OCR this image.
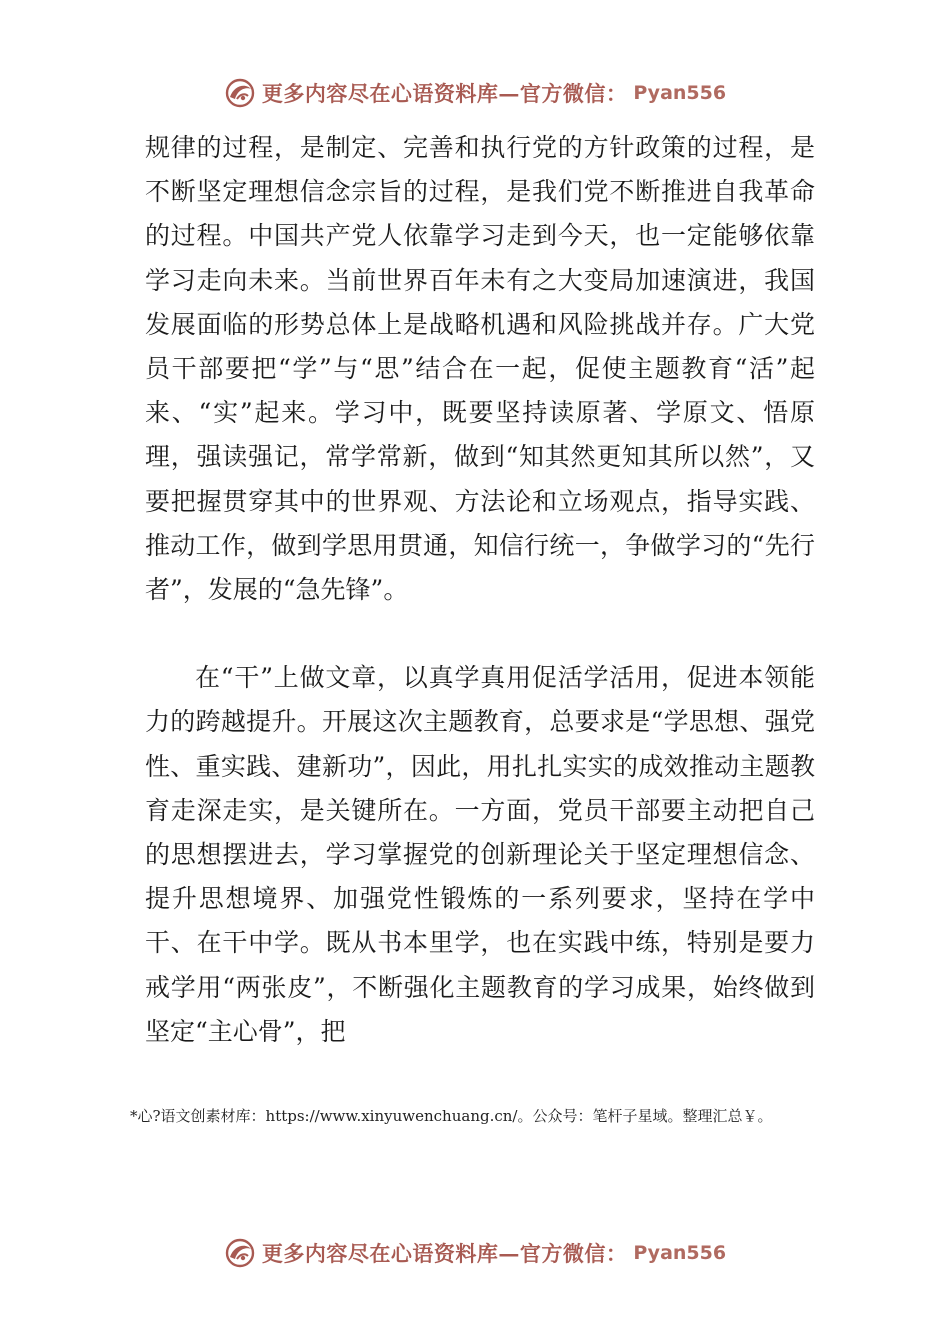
更多内容尽在心语资料库—官方微信： Pyan556

规律的过程，是制定、完善和执行党的方针政策的过程，是不断坚定理想信念宗旨的过程，是我们党不断推进自我革命的过程。中国共产党人依靠学习走到今天，也一定能够依靠学习走向未来。当前世界百年未有之大变局加速演进，我国发展面临的形势总体上是战略机遇和风险挑战并存。广大党员干部要把“学”与“思”结合在一起，促使主题教育“活”起来、“实”起来。学习中，既要坚持读原著、学原文、悟原理，强读强记，常学常新，做到“知其然更知其所以然”，又要把握贯穿其中的世界观、方法论和立场观点，指导实践、推动工作，做到学思用贯通，知信行统一，争做学习的“先行者”，发展的“急先锋”。

在“干”上做文章，以真学真用促活学活用，促进本领能力的跨越提升。开展这次主题教育，总要求是“学思想、强党性、重实践、建新功”，因此，用扎扎实实的成效推动主题教育走深走实，是关键所在。一方面，党员干部要主动把自己的思想摆进去，学习掌握党的创新理论关于坚定理想信念、提升思想境界、加强党性锻炼的一系列要求，坚持在学中干、在干中学。既从书本里学，也在实践中练，特别是要力戒学用“两张皮”，不断强化主题教育的学习成果，始终做到坚定“主心骨”，把

*心?语文创素材库：https://www.xinyuwenchuang.cn/。公众号：笔杆子星域。整理汇总￥。
更多内容尽在心语资料库—官方微信： Pyan556
